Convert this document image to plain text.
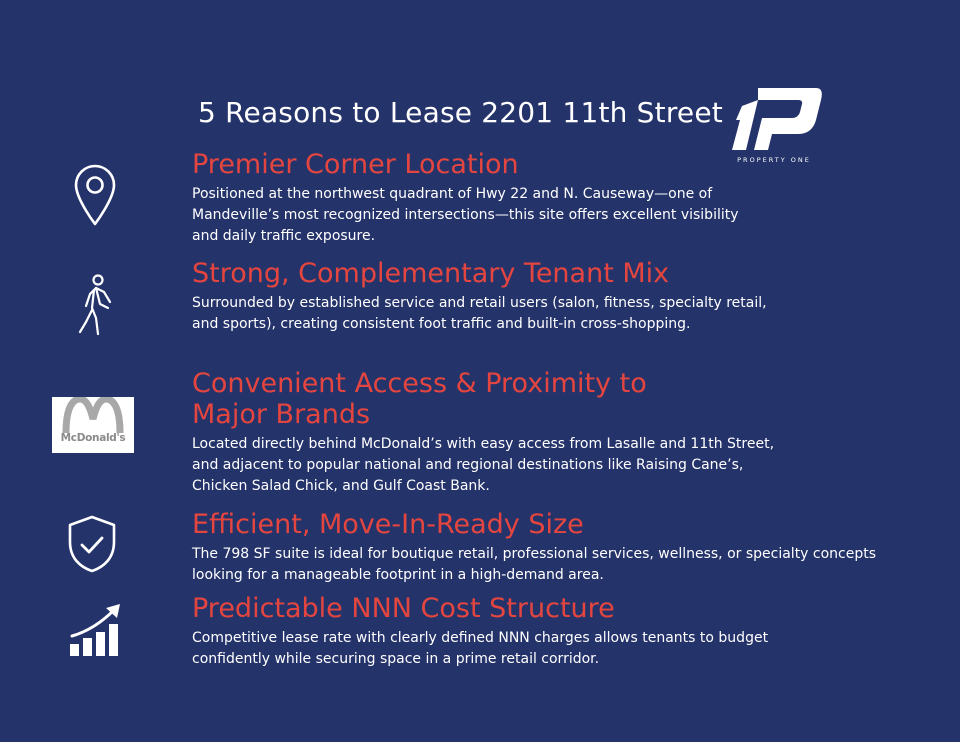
5 Reasons to Lease 2201 11th Street
PROPERTY ONE
Premier Corner Location
Positioned at the northwest quadrant of Hwy 22 and N. Causeway—one of Mandeville’s most recognized intersections—this site offers excellent visibility and daily traffic exposure.
Strong, Complementary Tenant Mix
Surrounded by established service and retail users (salon, fitness, specialty retail, and sports), creating consistent foot traffic and built-in cross-shopping.
McDonald's
Convenient Access & Proximity to
Major Brands
Located directly behind McDonald’s with easy access from Lasalle and 11th Street, and adjacent to popular national and regional destinations like Raising Cane’s, Chicken Salad Chick, and Gulf Coast Bank.
Efficient, Move-In-Ready Size
The 798 SF suite is ideal for boutique retail, professional services, wellness, or specialty concepts looking for a manageable footprint in a high-demand area.
Predictable NNN Cost Structure
Competitive lease rate with clearly defined NNN charges allows tenants to budget confidently while securing space in a prime retail corridor.
